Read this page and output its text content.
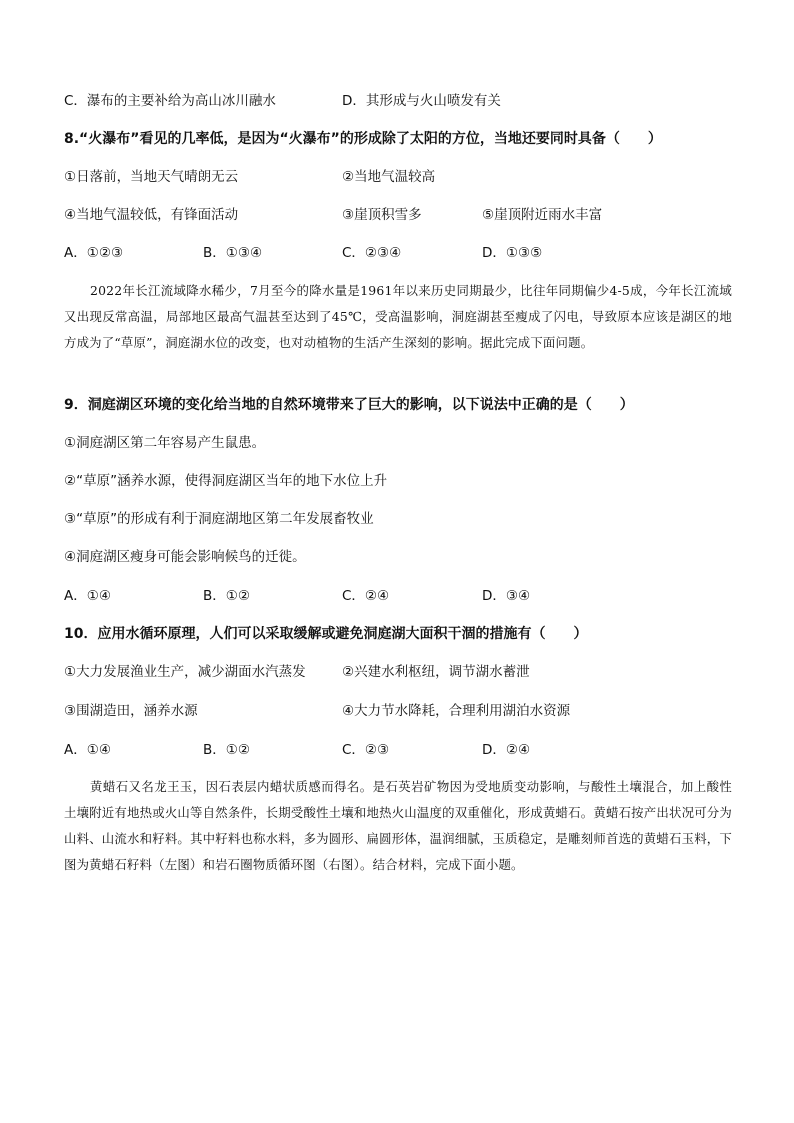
C．瀑布的主要补给为高山冰川融水	D．其形成与火山喷发有关
8.“火瀑布”看见的几率低，是因为“火瀑布”的形成除了太阳的方位，当地还要同时具备（　　）
①日落前，当地天气晴朗无云	②当地气温较高
④当地气温较低，有锋面活动	③崖顶积雪多	⑤崖顶附近雨水丰富
A．①②③	B．①③④	C．②③④	D．①③⑤
2022年长江流域降水稀少，7月至今的降水量是1961年以来历史同期最少，比往年同期偏少4-5成，今年长江流域又出现反常高温，局部地区最高气温甚至达到了45℃，受高温影响，洞庭湖甚至瘦成了闪电，导致原本应该是湖区的地方成为了“草原”，洞庭湖水位的改变，也对动植物的生活产生深刻的影响。据此完成下面问题。
9．洞庭湖区环境的变化给当地的自然环境带来了巨大的影响，以下说法中正确的是（　　）
①洞庭湖区第二年容易产生鼠患。
②“草原”涵养水源，使得洞庭湖区当年的地下水位上升
③“草原”的形成有利于洞庭湖地区第二年发展畜牧业
④洞庭湖区瘦身可能会影响候鸟的迁徙。
A．①④	B．①②	C．②④	D．③④
10．应用水循环原理，人们可以采取缓解或避免洞庭湖大面积干涸的措施有（　　）
①大力发展渔业生产，减少湖面水汽蒸发	②兴建水利枢纽，调节湖水蓄泄
③围湖造田，涵养水源	④大力节水降耗，合理利用湖泊水资源
A．①④	B．①②	C．②③	D．②④
黄蜡石又名龙王玉，因石表层内蜡状质感而得名。是石英岩矿物因为受地质变动影响，与酸性土壤混合，加上酸性土壤附近有地热或火山等自然条件，长期受酸性土壤和地热火山温度的双重催化，形成黄蜡石。黄蜡石按产出状况可分为山料、山流水和籽料。其中籽料也称水料，多为圆形、扁圆形体，温润细腻，玉质稳定，是雕刻师首选的黄蜡石玉料，下图为黄蜡石籽料（左图）和岩石圈物质循环图（右图）。结合材料，完成下面小题。
